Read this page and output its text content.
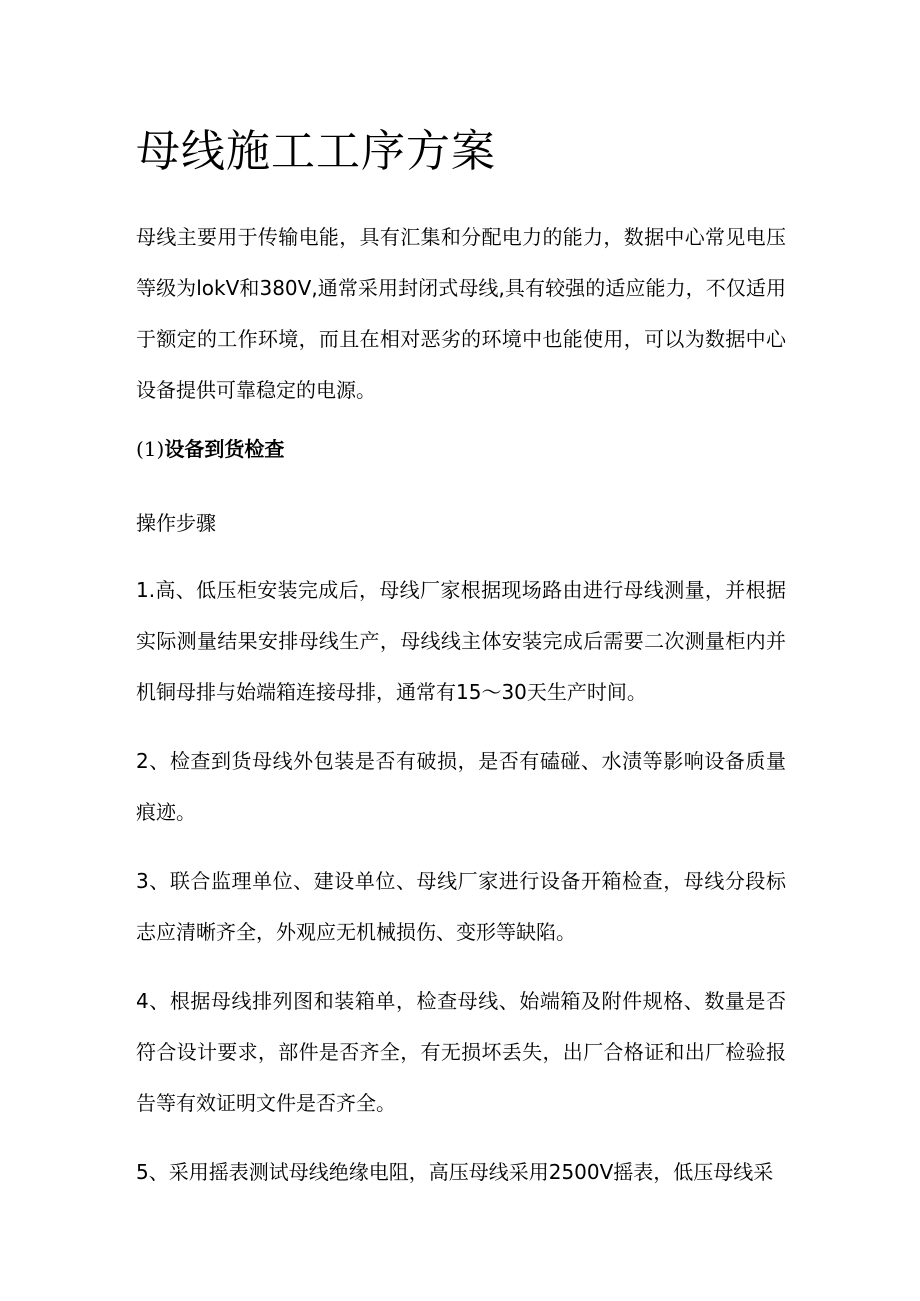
母线施工工序方案

母线主要用于传输电能，具有汇集和分配电力的能力，数据中心常见电压等级为lokV和380V,通常采用封闭式母线,具有较强的适应能力，不仅适用于额定的工作环境，而且在相对恶劣的环境中也能使用，可以为数据中心设备提供可靠稳定的电源。

(1)设备到货检查

操作步骤

1.高、低压柜安装完成后，母线厂家根据现场路由进行母线测量，并根据实际测量结果安排母线生产，母线线主体安装完成后需要二次测量柜内并机铜母排与始端箱连接母排，通常有15～30天生产时间。

2、检查到货母线外包装是否有破损，是否有磕碰、水渍等影响设备质量痕迹。

3、联合监理单位、建设单位、母线厂家进行设备开箱检查，母线分段标志应清晰齐全，外观应无机械损伤、变形等缺陷。

4、根据母线排列图和装箱单，检查母线、始端箱及附件规格、数量是否符合设计要求，部件是否齐全，有无损坏丢失，出厂合格证和出厂检验报告等有效证明文件是否齐全。

5、采用摇表测试母线绝缘电阻，高压母线采用2500V摇表，低压母线采
